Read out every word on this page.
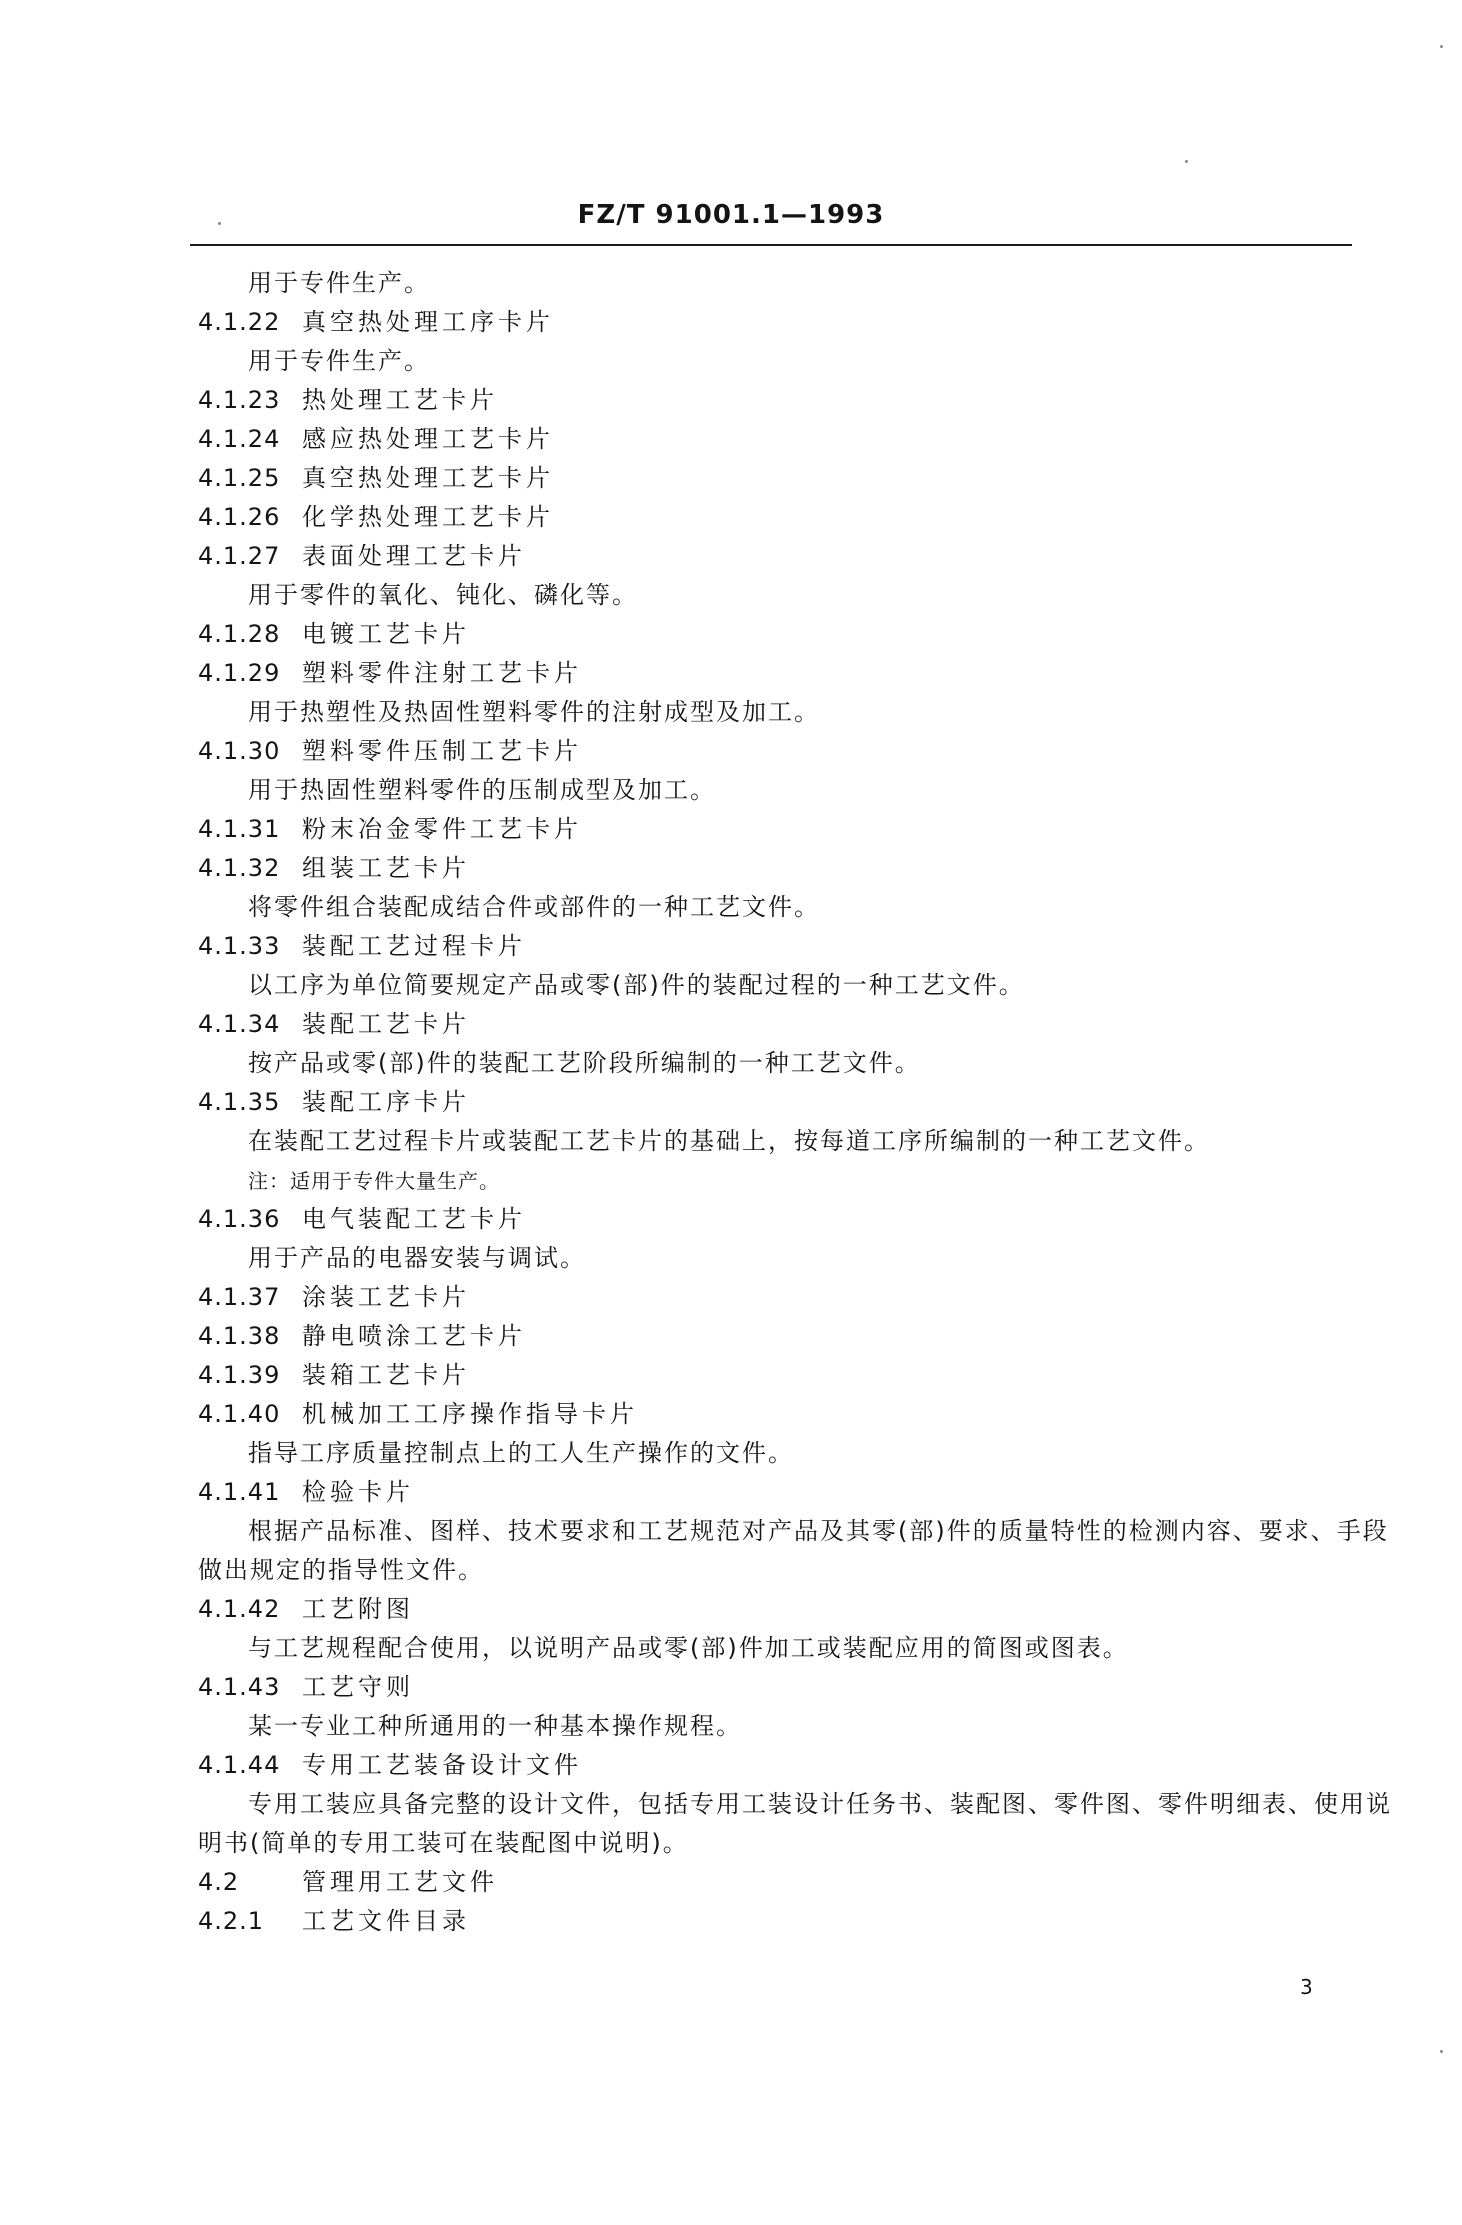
FZ/T 91001.1—1993
用于专件生产。
4.1.22 真空热处理工序卡片
用于专件生产。
4.1.23 热处理工艺卡片
4.1.24 感应热处理工艺卡片
4.1.25 真空热处理工艺卡片
4.1.26 化学热处理工艺卡片
4.1.27 表面处理工艺卡片
用于零件的氧化、钝化、磷化等。
4.1.28 电镀工艺卡片
4.1.29 塑料零件注射工艺卡片
用于热塑性及热固性塑料零件的注射成型及加工。
4.1.30 塑料零件压制工艺卡片
用于热固性塑料零件的压制成型及加工。
4.1.31 粉末冶金零件工艺卡片
4.1.32 组装工艺卡片
将零件组合装配成结合件或部件的一种工艺文件。
4.1.33 装配工艺过程卡片
以工序为单位简要规定产品或零(部)件的装配过程的一种工艺文件。
4.1.34 装配工艺卡片
按产品或零(部)件的装配工艺阶段所编制的一种工艺文件。
4.1.35 装配工序卡片
在装配工艺过程卡片或装配工艺卡片的基础上，按每道工序所编制的一种工艺文件。
注：适用于专件大量生产。
4.1.36 电气装配工艺卡片
用于产品的电器安装与调试。
4.1.37 涂装工艺卡片
4.1.38 静电喷涂工艺卡片
4.1.39 装箱工艺卡片
4.1.40 机械加工工序操作指导卡片
指导工序质量控制点上的工人生产操作的文件。
4.1.41 检验卡片
根据产品标准、图样、技术要求和工艺规范对产品及其零(部)件的质量特性的检测内容、要求、手段
做出规定的指导性文件。
4.1.42 工艺附图
与工艺规程配合使用，以说明产品或零(部)件加工或装配应用的简图或图表。
4.1.43 工艺守则
某一专业工种所通用的一种基本操作规程。
4.1.44 专用工艺装备设计文件
专用工装应具备完整的设计文件，包括专用工装设计任务书、装配图、零件图、零件明细表、使用说
明书(简单的专用工装可在装配图中说明)。
4.2	管理用工艺文件
4.2.1 工艺文件目录
3
